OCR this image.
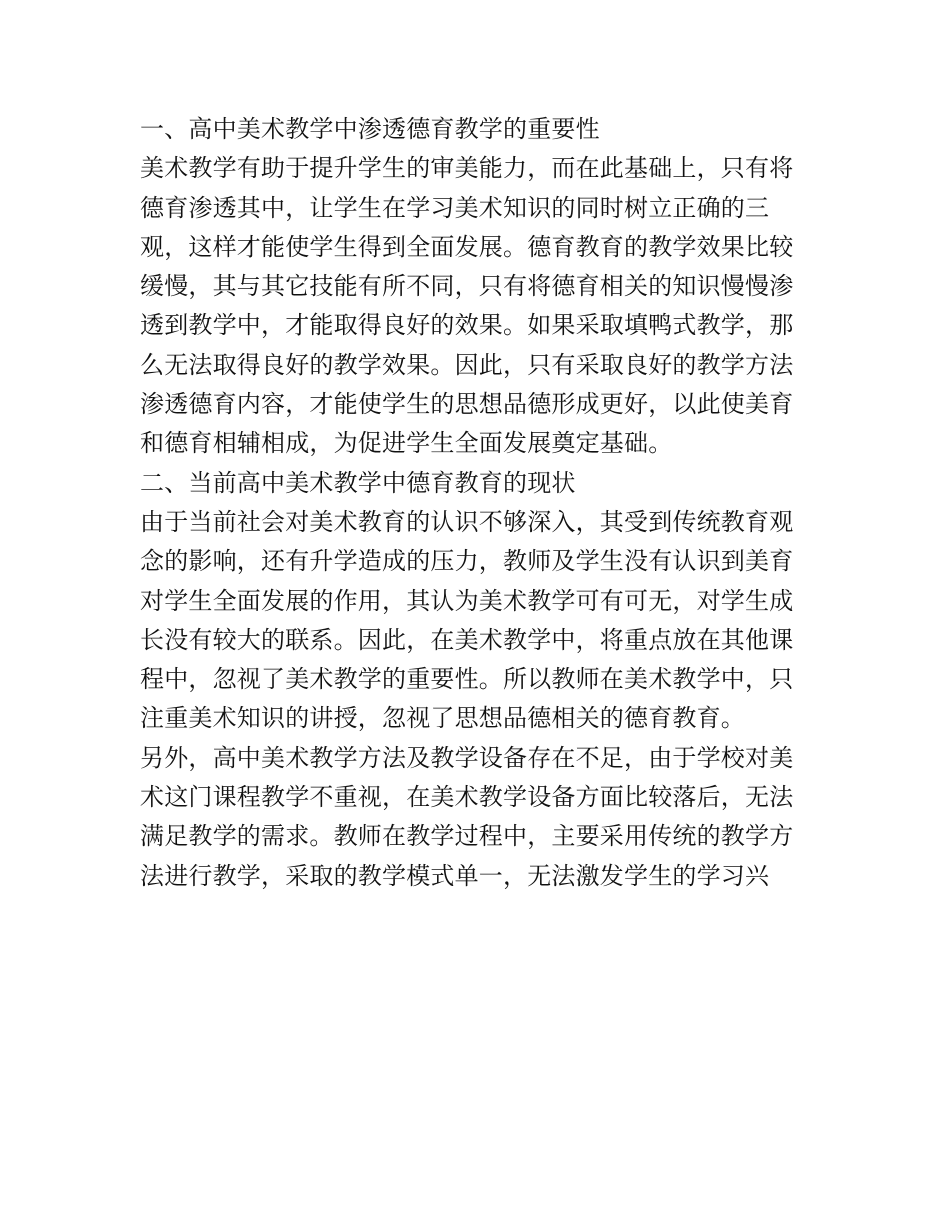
一、高中美术教学中渗透德育教学的重要性

美术教学有助于提升学生的审美能力，而在此基础上，只有将

德育渗透其中，让学生在学习美术知识的同时树立正确的三

观，这样才能使学生得到全面发展。德育教育的教学效果比较

缓慢，其与其它技能有所不同，只有将德育相关的知识慢慢渗

透到教学中，才能取得良好的效果。如果采取填鸭式教学，那

么无法取得良好的教学效果。因此，只有采取良好的教学方法

渗透德育内容，才能使学生的思想品德形成更好，以此使美育

和德育相辅相成，为促进学生全面发展奠定基础。

二、当前高中美术教学中德育教育的现状

由于当前社会对美术教育的认识不够深入，其受到传统教育观

念的影响，还有升学造成的压力，教师及学生没有认识到美育

对学生全面发展的作用，其认为美术教学可有可无，对学生成

长没有较大的联系。因此，在美术教学中，将重点放在其他课

程中，忽视了美术教学的重要性。所以教师在美术教学中，只

注重美术知识的讲授，忽视了思想品德相关的德育教育。

另外，高中美术教学方法及教学设备存在不足，由于学校对美

术这门课程教学不重视，在美术教学设备方面比较落后，无法

满足教学的需求。教师在教学过程中，主要采用传统的教学方

法进行教学，采取的教学模式单一，无法激发学生的学习兴
